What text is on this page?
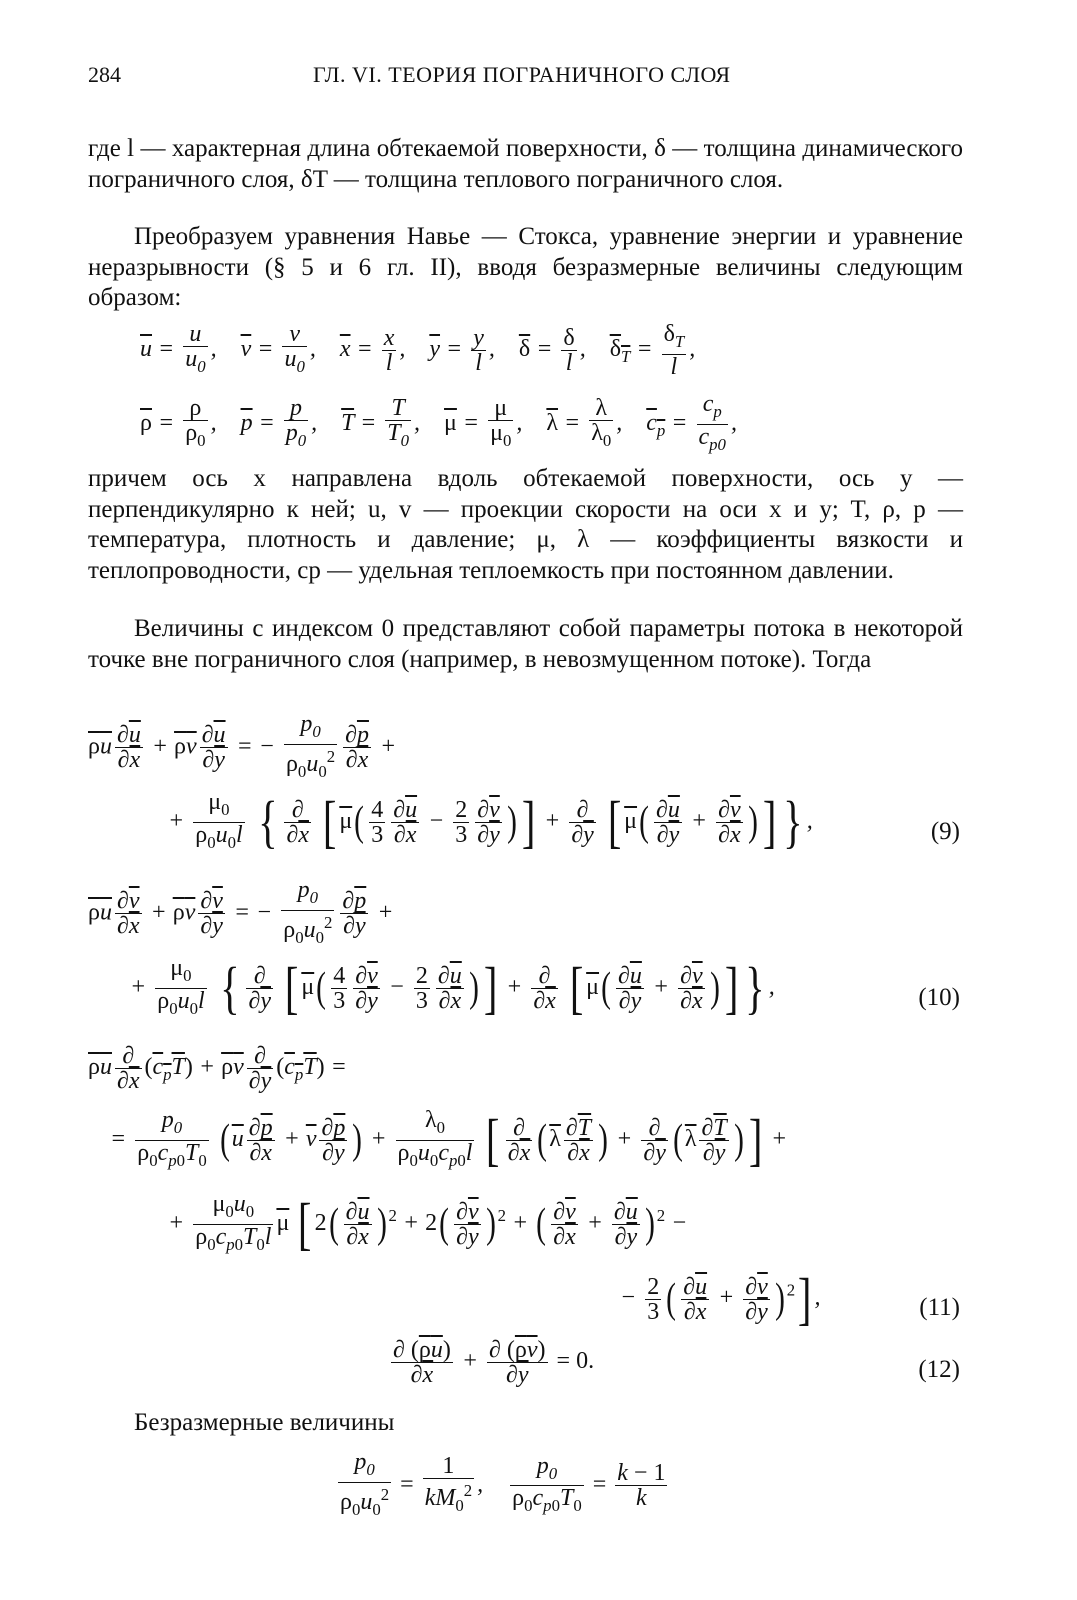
284	ГЛ. VI. ТЕОРИЯ ПОГРАНИЧНОГО СЛОЯ

где l — характерная длина обтекаемой поверхности, δ — толщина динамического пограничного слоя, δT — толщина теплового пограничного слоя.

Преобразуем уравнения Навье — Стокса, уравнение энергии и уравнение неразрывности (§ 5 и 6 гл. II), вводя безразмерные величины следующим образом:

$\overline{u} = \frac{u}{u_0}$ ,    $\overline{v} = \frac{v}{u_0}$ ,    $\overline{x} = \frac{x}{l}$ ,    $\overline{y} = \frac{y}{l}$ ,    $\overline{\delta} = \frac{\delta}{l}$ ,    $\delta_T = \frac{\delta_T}{l}$ ,
$\overline{\rho} = \frac{\rho}{\rho_0}$ ,    $\overline{p} = \frac{p}{p_0}$ ,    $\overline{T} = \frac{T}{T_0}$ ,    $\overline{\mu} = \frac{\mu}{\mu_0}$ ,    $\overline{\lambda} = \frac{\lambda}{\lambda_0}$ ,    $c_p = \frac{c_p}{c_{p0}}$ ,

причем ось x направлена вдоль обтекаемой поверхности, ось y — перпендикулярно к ней; u, v — проекции скорости на оси x и y; T, ρ, p — температура, плотность и давление; μ, λ — коэффициенты вязкости и теплопроводности, cp — удельная теплоемкость при постоянном давлении.

Величины с индексом 0 представляют собой параметры потока в некоторой точке вне пограничного слоя (например, в невозмущенном потоке). Тогда

$\overline{\rho}\overline{u} \frac{\partial\overline{u}}{\partial\overline{x}} + \overline{\rho}\overline{v} \frac{\partial\overline{u}}{\partial\overline{y}}$ = − $\frac{p_0}{\rho_0u_0^2} \frac{\partial\overline{p}}{\partial\overline{x}}$ +
+ $\frac{\mu_0}{\rho_0u_0l}$ { $\frac{\partial}{\partial\overline{x}}$ [ $\overline{\mu}( \frac{4}{3} \frac{\partial\overline{u}}{\partial\overline{x}} - \frac{2}{3} \frac{\partial\overline{v}}{\partial\overline{y}}$ )] + $\frac{\partial}{\partial\overline{y}}$ [ $\overline{\mu}( \frac{\partial\overline{u}}{\partial\overline{y}} + \frac{\partial\overline{v}}{\partial\overline{x}}$ )] } ,	(9)
$\overline{\rho}\overline{u} \frac{\partial\overline{v}}{\partial\overline{x}} + \overline{\rho}\overline{v} \frac{\partial\overline{v}}{\partial\overline{y}}$ = − $\frac{p_0}{\rho_0u_0^2} \frac{\partial\overline{p}}{\partial\overline{y}}$ +
+ $\frac{\mu_0}{\rho_0u_0l}$ { $\frac{\partial}{\partial\overline{y}}$ [ $\overline{\mu}( \frac{4}{3} \frac{\partial\overline{v}}{\partial\overline{y}} - \frac{2}{3} \frac{\partial\overline{u}}{\partial\overline{x}}$ )] + $\frac{\partial}{\partial\overline{x}}$ [ $\overline{\mu}( \frac{\partial\overline{u}}{\partial\overline{y}} + \frac{\partial\overline{v}}{\partial\overline{x}}$ )] } ,	(10)
$\overline{\rho}\overline{u} \frac{\partial}{\partial\overline{x}} (c_p\overline{T}) + \overline{\rho}\overline{v} \frac{\partial}{\partial\overline{y}} (c_p\overline{T})$ =
= $\frac{p_0}{\rho_0c_{p0}T_0} (\overline{u} \frac{\partial\overline{p}}{\partial\overline{x}} + \overline{v} \frac{\partial\overline{p}}{\partial\overline{y}}$ ) + $\frac{\lambda_0}{\rho_0u_0c_{p0}l}$ [ $\frac{\partial}{\partial\overline{x}} (\overline{\lambda} \frac{\partial\overline{T}}{\partial\overline{x}}$ ) + $\frac{\partial}{\partial\overline{y}} (\overline{\lambda} \frac{\partial\overline{T}}{\partial\overline{y}}$ )] +
+ $\frac{\mu_0u_0}{\rho_0c_{p0}T_0l} \overline{\mu}$ [ $2( \frac{\partial\overline{u}}{\partial\overline{x}}$ ) $^2 + 2( \frac{\partial\overline{v}}{\partial\overline{y}}$ ) $^2$ + ( $\frac{\partial\overline{v}}{\partial\overline{x}} + \frac{\partial\overline{u}}{\partial\overline{y}}$ ) $^2$ −
− $\frac{2}{3}$ ( $\frac{\partial\overline{u}}{\partial\overline{x}} + \frac{\partial\overline{v}}{\partial\overline{y}}$ ) $^2$] ,	(11)
$\frac{\partial (\overline{\rho}\overline{u})}{\partial\overline{x}} + \frac{\partial (\overline{\rho}\overline{v})}{\partial\overline{y}} = 0$.	(12)

Безразмерные величины

$\frac{p_0}{\rho_0u_0^2} = \frac{1}{kM_0^2}$ , $\frac{p_0}{\rho_0c_{p0}T_0} = \frac{k - 1}{k}$
